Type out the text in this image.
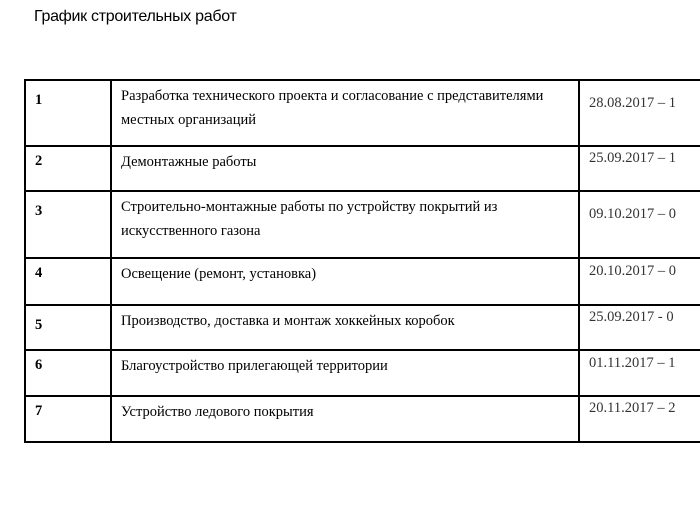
График строительных работ
1	Разработка технического проекта и согласование с представителями местных организаций	28.08.2017 – 1

2	Демонтажные работы	25.09.2017 – 1

3	Строительно-монтажные работы по устройству покрытий из искусственного газона	09.10.2017 – 0

4	Освещение (ремонт, установка)	20.10.2017 – 0

5	Производство, доставка и монтаж хоккейных коробок	25.09.2017 - 0

6	Благоустройство прилегающей территории	01.11.2017 – 1

7	Устройство ледового покрытия	20.11.2017 – 2
